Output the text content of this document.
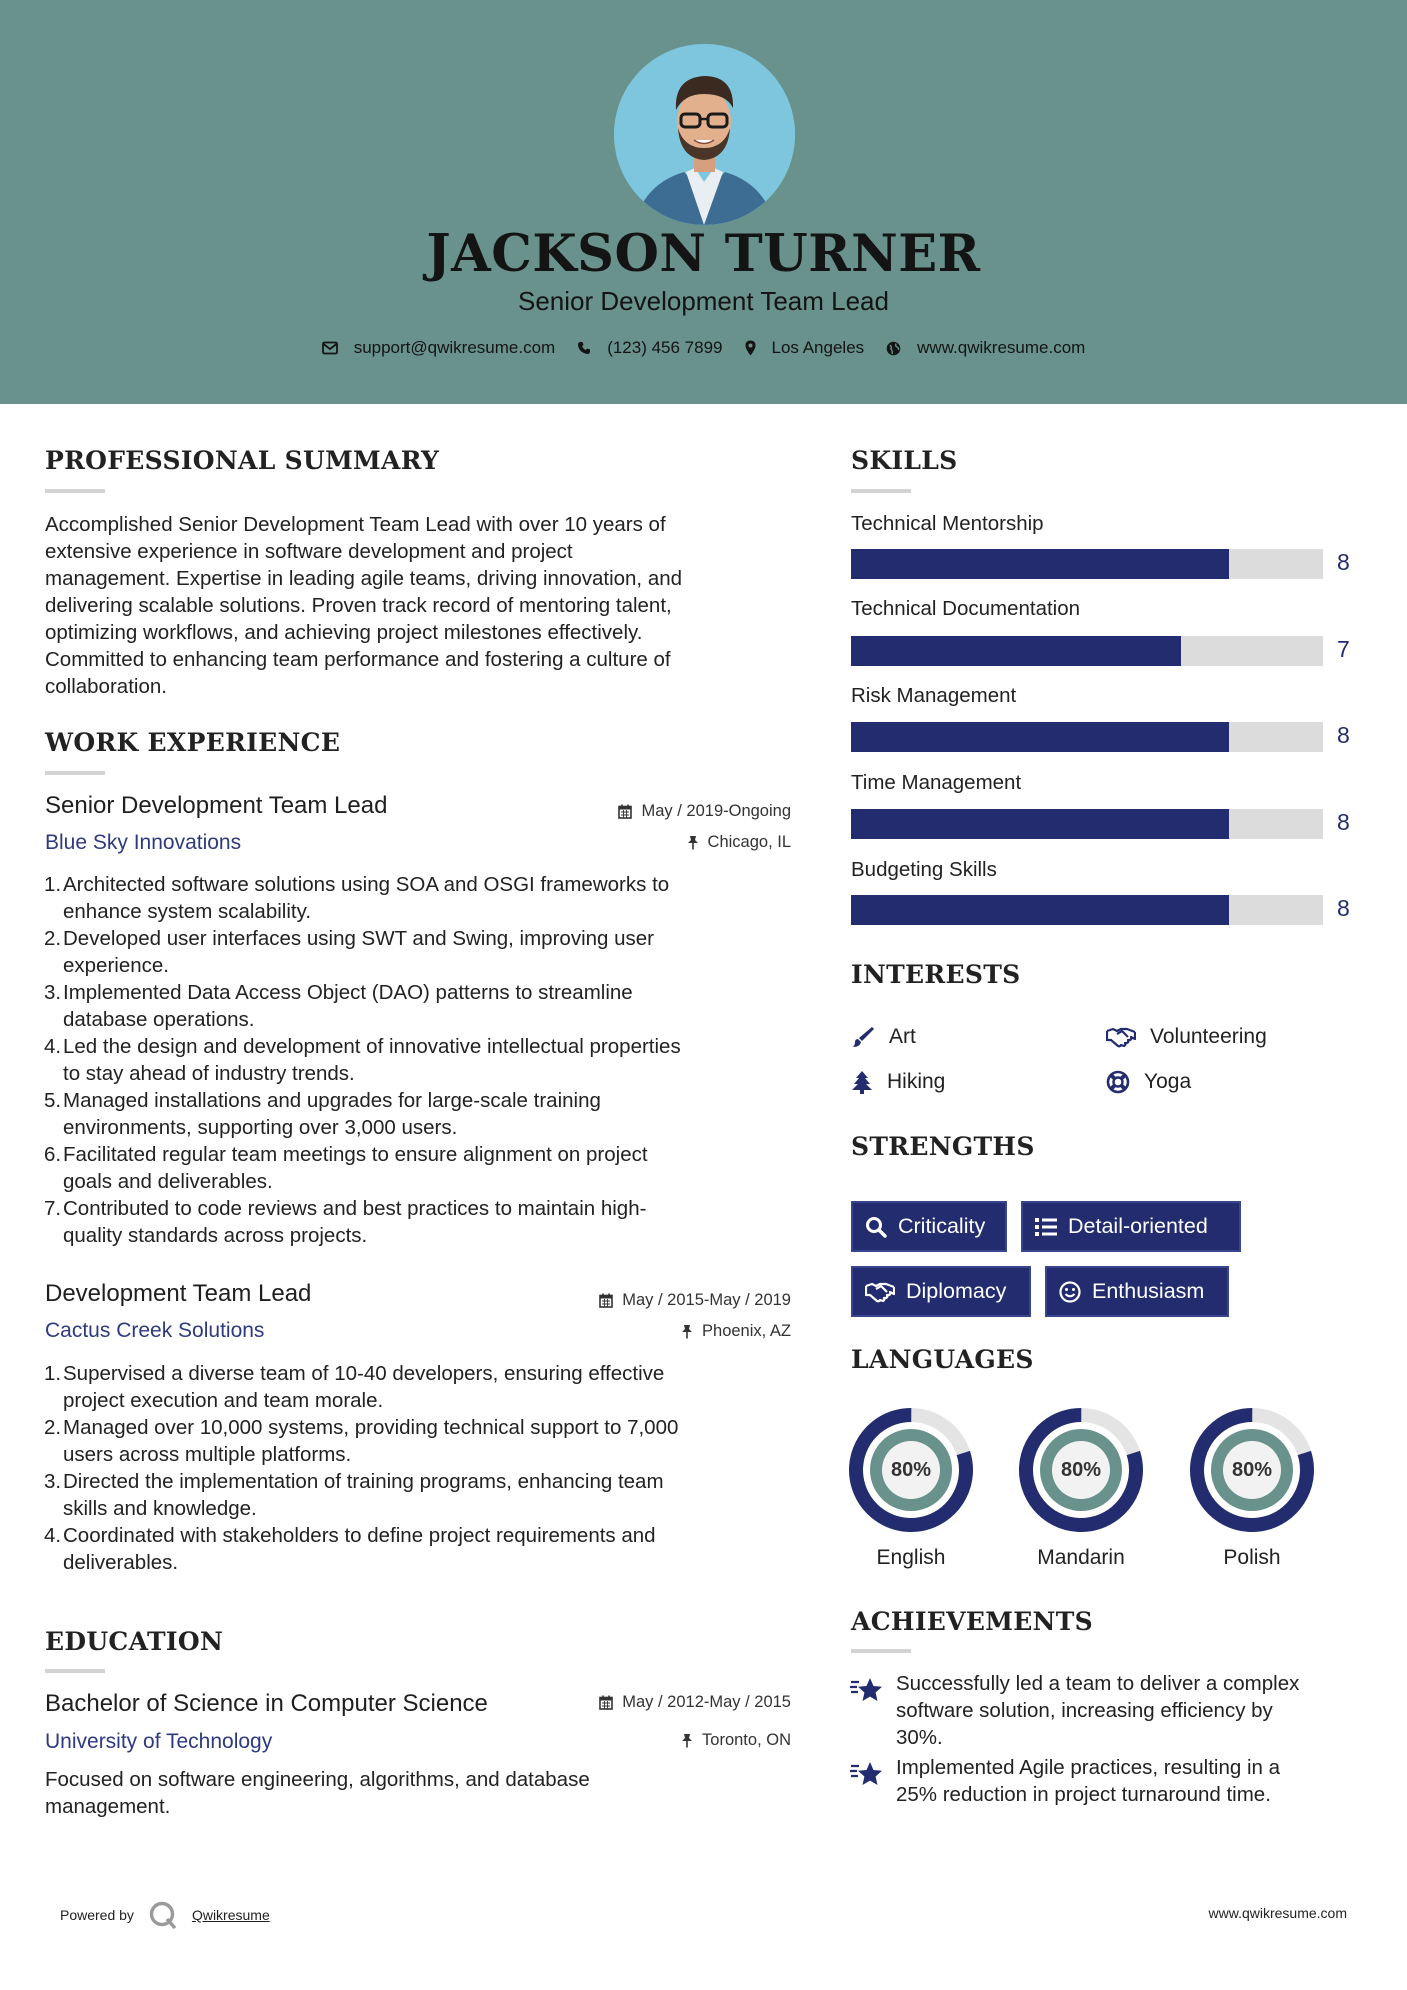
JACKSON TURNER
Senior Development Team Lead
support@qwikresume.com	(123) 456 7899	Los Angeles	www.qwikresume.com
PROFESSIONAL SUMMARY
Accomplished Senior Development Team Lead with over 10 years of
extensive experience in software development and project
management. Expertise in leading agile teams, driving innovation, and
delivering scalable solutions. Proven track record of mentoring talent,
optimizing workflows, and achieving project milestones effectively.
Committed to enhancing team performance and fostering a culture of
collaboration.
WORK EXPERIENCE
Senior Development Team Lead
Blue Sky Innovations
May / 2019-Ongoing
Chicago, IL
1. Architected software solutions using SOA and OSGI frameworks to
enhance system scalability.
2. Developed user interfaces using SWT and Swing, improving user
experience.
3. Implemented Data Access Object (DAO) patterns to streamline
database operations.
4. Led the design and development of innovative intellectual properties
to stay ahead of industry trends.
5. Managed installations and upgrades for large-scale training
environments, supporting over 3,000 users.
6. Facilitated regular team meetings to ensure alignment on project
goals and deliverables.
7. Contributed to code reviews and best practices to maintain high-
quality standards across projects.
Development Team Lead
Cactus Creek Solutions
May / 2015-May / 2019
Phoenix, AZ
1. Supervised a diverse team of 10-40 developers, ensuring effective
project execution and team morale.
2. Managed over 10,000 systems, providing technical support to 7,000
users across multiple platforms.
3. Directed the implementation of training programs, enhancing team
skills and knowledge.
4. Coordinated with stakeholders to define project requirements and
deliverables.
EDUCATION
Bachelor of Science in Computer Science
University of Technology
May / 2012-May / 2015
Toronto, ON
Focused on software engineering, algorithms, and database
management.
SKILLS
Technical Mentorship
8
Technical Documentation
7
Risk Management
8
Time Management
8
Budgeting Skills
8
INTERESTS
Art	Volunteering
Hiking	Yoga
STRENGTHS
Criticality	Detail-oriented
Diplomacy	Enthusiasm
LANGUAGES
80%
English
80%
Mandarin
80%
Polish
ACHIEVEMENTS
Successfully led a team to deliver a complex
software solution, increasing efficiency by
30%.
Implemented Agile practices, resulting in a
25% reduction in project turnaround time.
Powered by	Qwikresume	www.qwikresume.com
